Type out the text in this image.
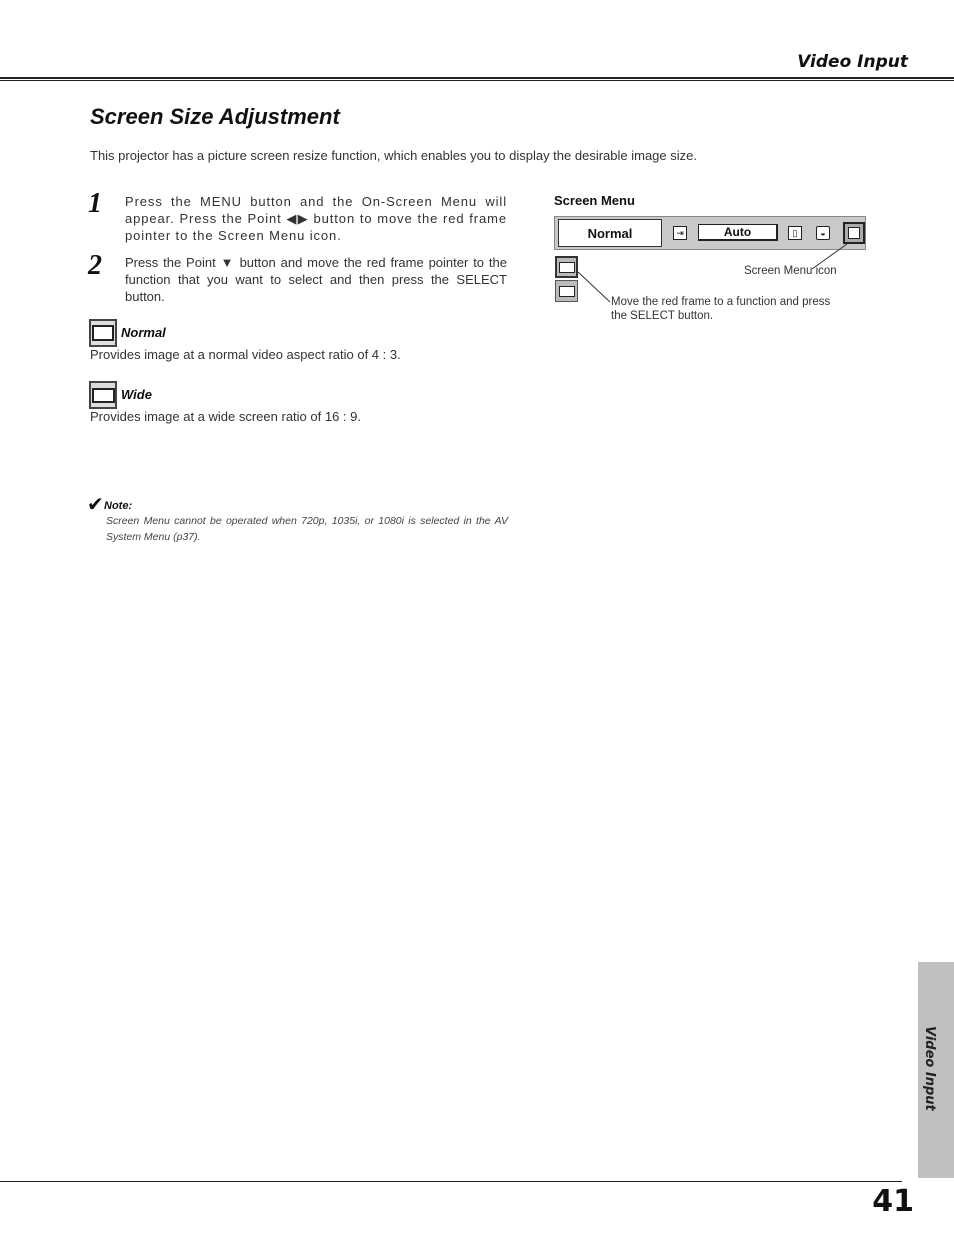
Video Input
Screen Size Adjustment
This projector has a picture screen resize function, which enables you to display the desirable image size.
1 Press the MENU button and the On-Screen Menu will appear. Press the Point ◀▶ button to move the red frame pointer to the Screen Menu icon.
2 Press the Point ▼ button and move the red frame pointer to the function that you want to select and then press the SELECT button.
Normal
Provides image at a normal video aspect ratio of 4 : 3.
Wide
Provides image at a wide screen ratio of 16 : 9.
✔ Note:
Screen Menu cannot be operated when 720p, 1035i, or 1080i is selected in the AV System Menu (p37).
Screen Menu
Normal	⇥	Auto	▯	◒
Screen Menu icon
Move the red frame to a function and press the SELECT button.
Video Input
41
